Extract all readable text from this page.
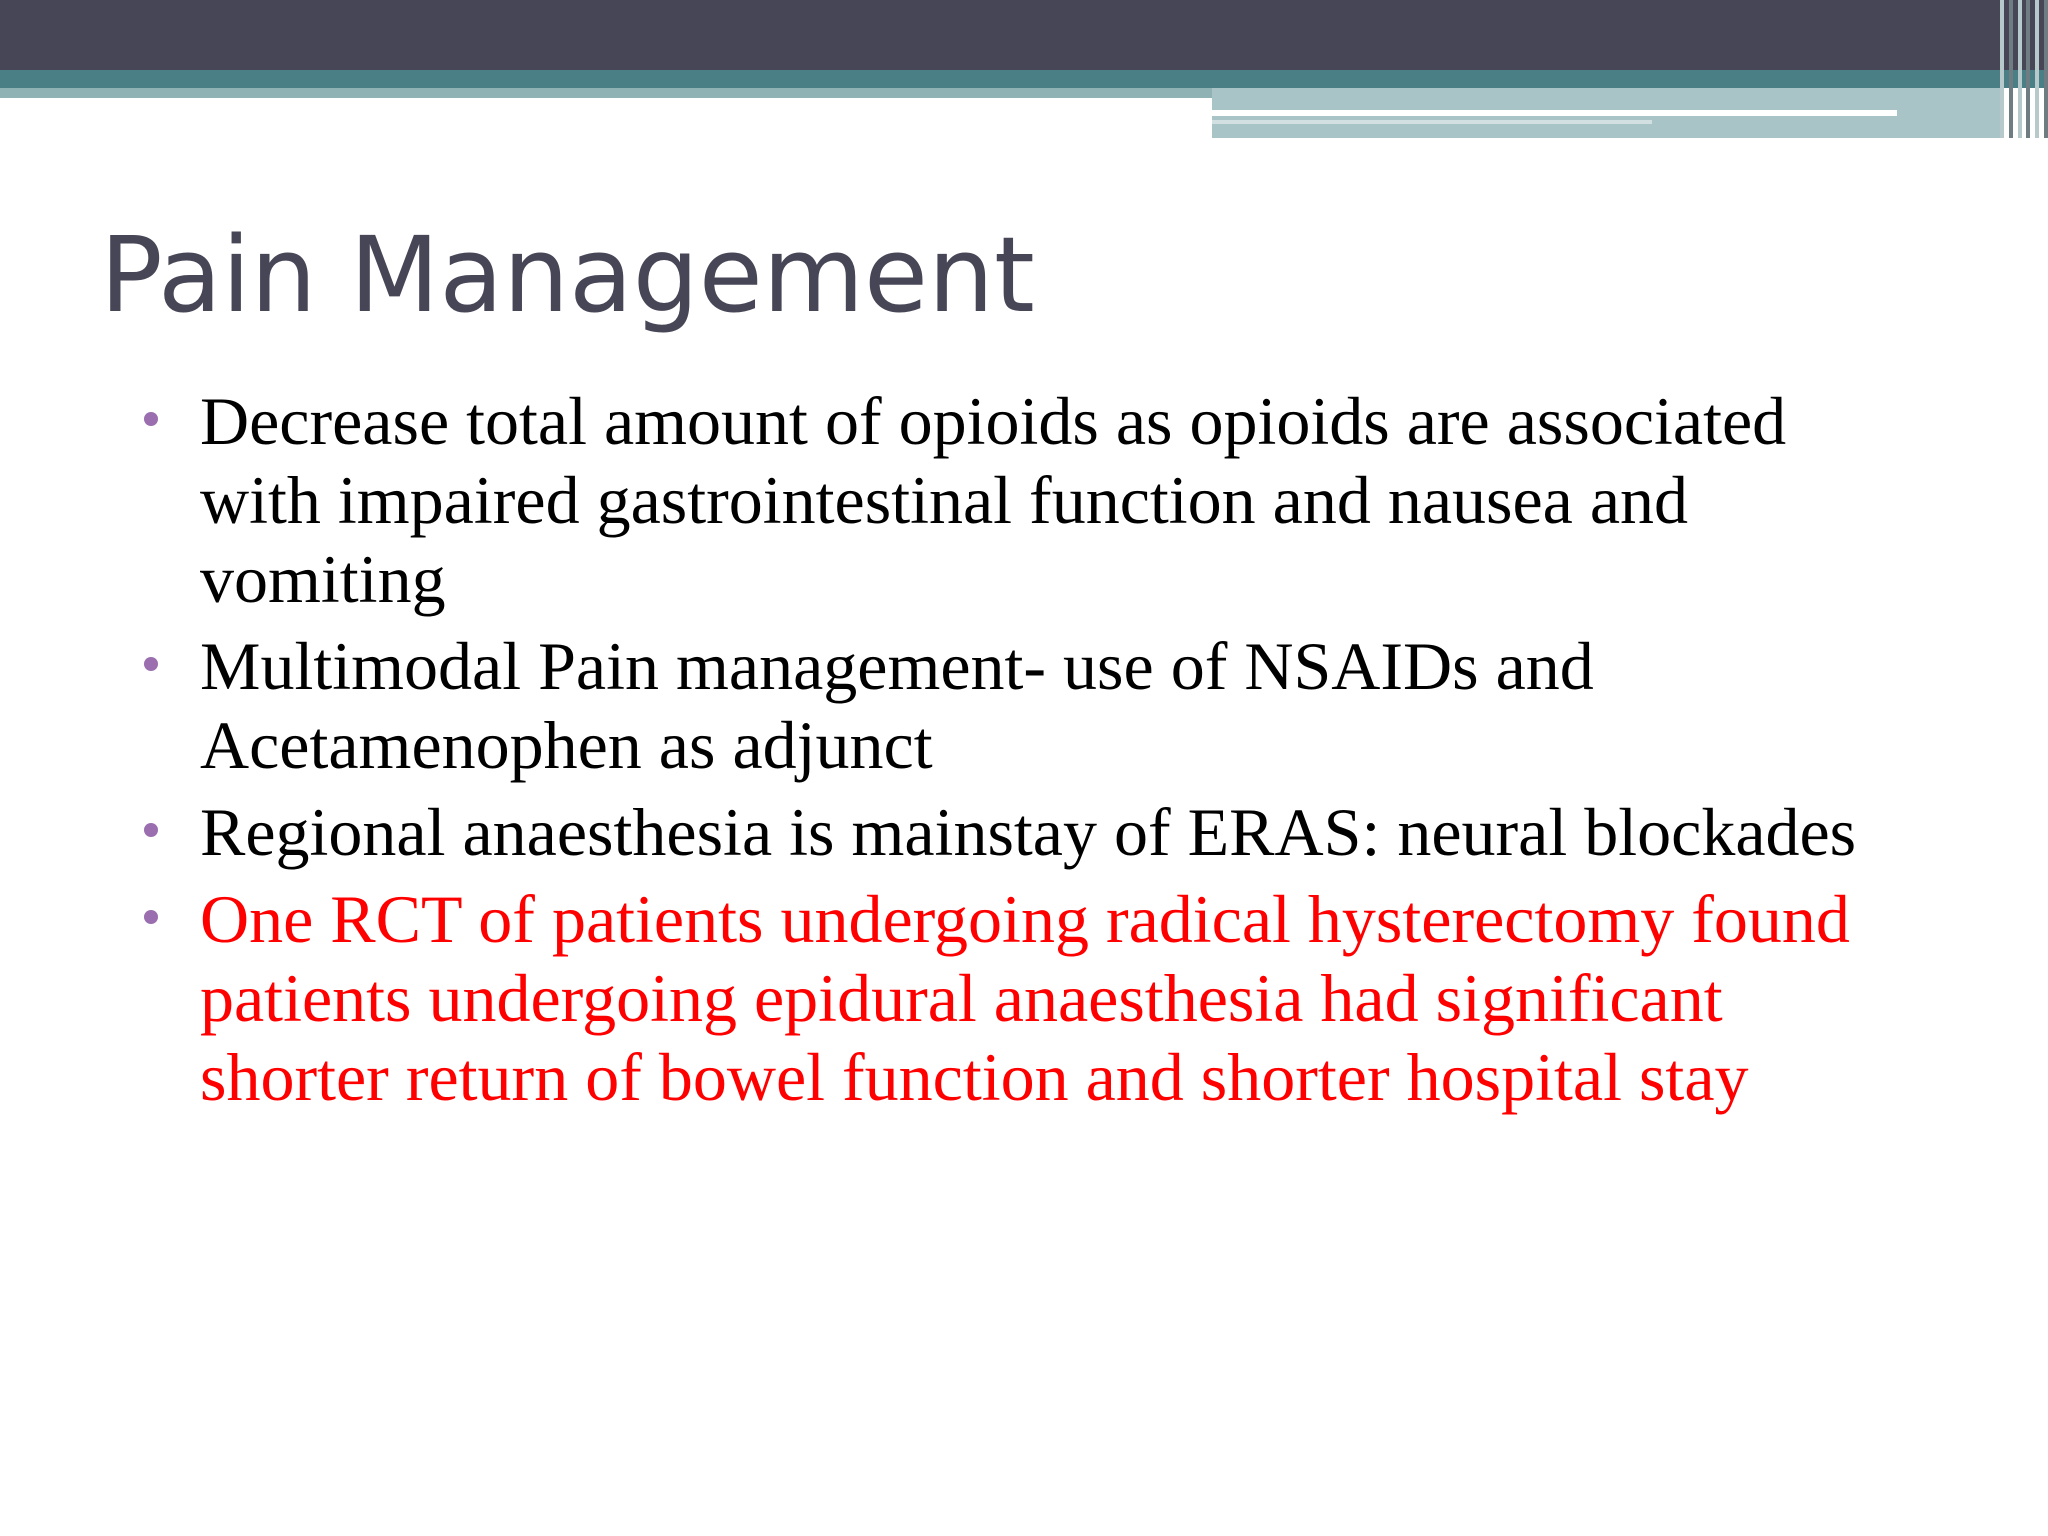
Pain Management
Decrease total amount of opioids as opioids are associated with impaired gastrointestinal function and nausea and vomiting
Multimodal Pain management- use of NSAIDs and Acetamenophen as adjunct
Regional anaesthesia is mainstay of ERAS: neural blockades
One RCT of patients undergoing radical hysterectomy found patients undergoing epidural anaesthesia had significant shorter return of bowel function and shorter hospital stay
